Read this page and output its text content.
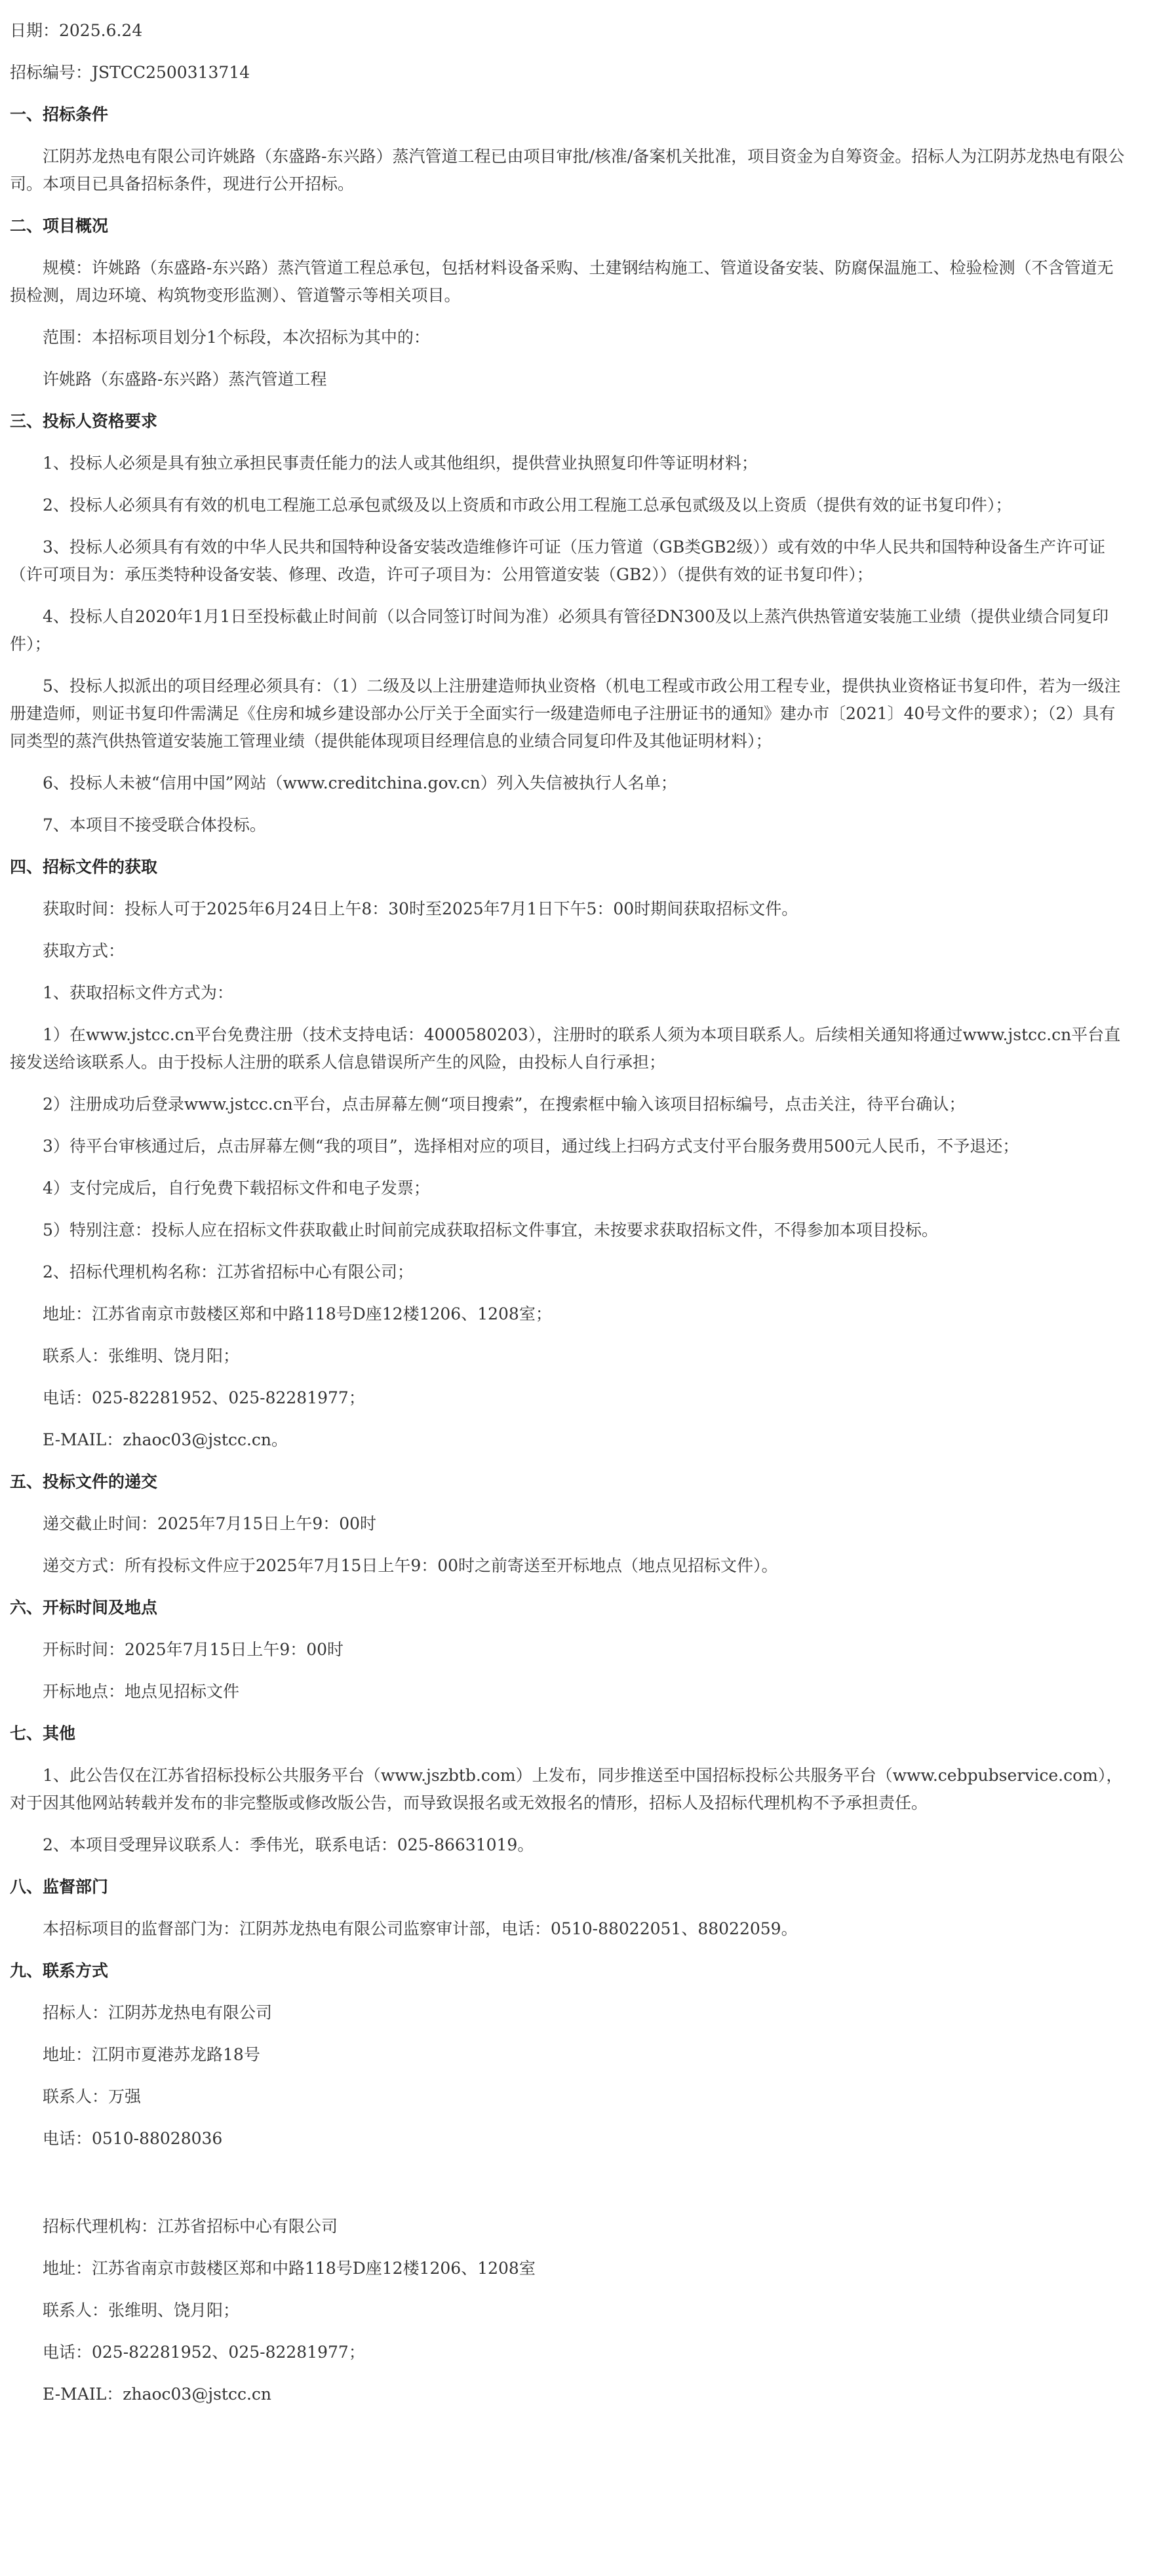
日期：2025.6.24
招标编号：JSTCC2500313714
一、招标条件
江阴苏龙热电有限公司许姚路（东盛路-东兴路）蒸汽管道工程已由项目审批/核准/备案机关批准，项目资金为自筹资金。招标人为江阴苏龙热电有限公司。本项目已具备招标条件，现进行公开招标。
二、项目概况
规模：许姚路（东盛路-东兴路）蒸汽管道工程总承包，包括材料设备采购、土建钢结构施工、管道设备安装、防腐保温施工、检验检测（不含管道无损检测，周边环境、构筑物变形监测）、管道警示等相关项目。
范围：本招标项目划分1个标段，本次招标为其中的：
许姚路（东盛路-东兴路）蒸汽管道工程
三、投标人资格要求
1、投标人必须是具有独立承担民事责任能力的法人或其他组织，提供营业执照复印件等证明材料；
2、投标人必须具有有效的机电工程施工总承包贰级及以上资质和市政公用工程施工总承包贰级及以上资质（提供有效的证书复印件）；
3、投标人必须具有有效的中华人民共和国特种设备安装改造维修许可证（压力管道（GB类GB2级））或有效的中华人民共和国特种设备生产许可证（许可项目为：承压类特种设备安装、修理、改造，许可子项目为：公用管道安装（GB2））（提供有效的证书复印件）；
4、投标人自2020年1月1日至投标截止时间前（以合同签订时间为准）必须具有管径DN300及以上蒸汽供热管道安装施工业绩（提供业绩合同复印件）；
5、投标人拟派出的项目经理必须具有：（1）二级及以上注册建造师执业资格（机电工程或市政公用工程专业，提供执业资格证书复印件，若为一级注册建造师，则证书复印件需满足《住房和城乡建设部办公厅关于全面实行一级建造师电子注册证书的通知》建办市〔2021〕40号文件的要求）；（2）具有同类型的蒸汽供热管道安装施工管理业绩（提供能体现项目经理信息的业绩合同复印件及其他证明材料）；
6、投标人未被“信用中国”网站（www.creditchina.gov.cn）列入失信被执行人名单；
7、本项目不接受联合体投标。
四、招标文件的获取
获取时间：投标人可于2025年6月24日上午8：30时至2025年7月1日下午5：00时期间获取招标文件。
获取方式：
1、获取招标文件方式为：
1）在www.jstcc.cn平台免费注册（技术支持电话：4000580203），注册时的联系人须为本项目联系人。后续相关通知将通过www.jstcc.cn平台直接发送给该联系人。由于投标人注册的联系人信息错误所产生的风险，由投标人自行承担；
2）注册成功后登录www.jstcc.cn平台，点击屏幕左侧“项目搜索”，在搜索框中输入该项目招标编号，点击关注，待平台确认；
3）待平台审核通过后，点击屏幕左侧“我的项目”，选择相对应的项目，通过线上扫码方式支付平台服务费用500元人民币，不予退还；
4）支付完成后，自行免费下载招标文件和电子发票；
5）特别注意：投标人应在招标文件获取截止时间前完成获取招标文件事宜，未按要求获取招标文件，不得参加本项目投标。
2、招标代理机构名称：江苏省招标中心有限公司；
地址：江苏省南京市鼓楼区郑和中路118号D座12楼1206、1208室；
联系人：张维明、饶月阳；
电话：025-82281952、025-82281977；
E-MAIL：zhaoc03@jstcc.cn。
五、投标文件的递交
递交截止时间：2025年7月15日上午9：00时
递交方式：所有投标文件应于2025年7月15日上午9：00时之前寄送至开标地点（地点见招标文件）。
六、开标时间及地点
开标时间：2025年7月15日上午9：00时
开标地点：地点见招标文件
七、其他
1、此公告仅在江苏省招标投标公共服务平台（www.jszbtb.com）上发布，同步推送至中国招标投标公共服务平台（www.cebpubservice.com），对于因其他网站转载并发布的非完整版或修改版公告，而导致误报名或无效报名的情形，招标人及招标代理机构不予承担责任。
2、本项目受理异议联系人：季伟光，联系电话：025-86631019。
八、监督部门
本招标项目的监督部门为：江阴苏龙热电有限公司监察审计部，电话：0510-88022051、88022059。
九、联系方式
招标人：江阴苏龙热电有限公司
地址：江阴市夏港苏龙路18号
联系人：万强
电话：0510-88028036
招标代理机构：江苏省招标中心有限公司
地址：江苏省南京市鼓楼区郑和中路118号D座12楼1206、1208室
联系人：张维明、饶月阳；
电话：025-82281952、025-82281977；
E-MAIL：zhaoc03@jstcc.cn
